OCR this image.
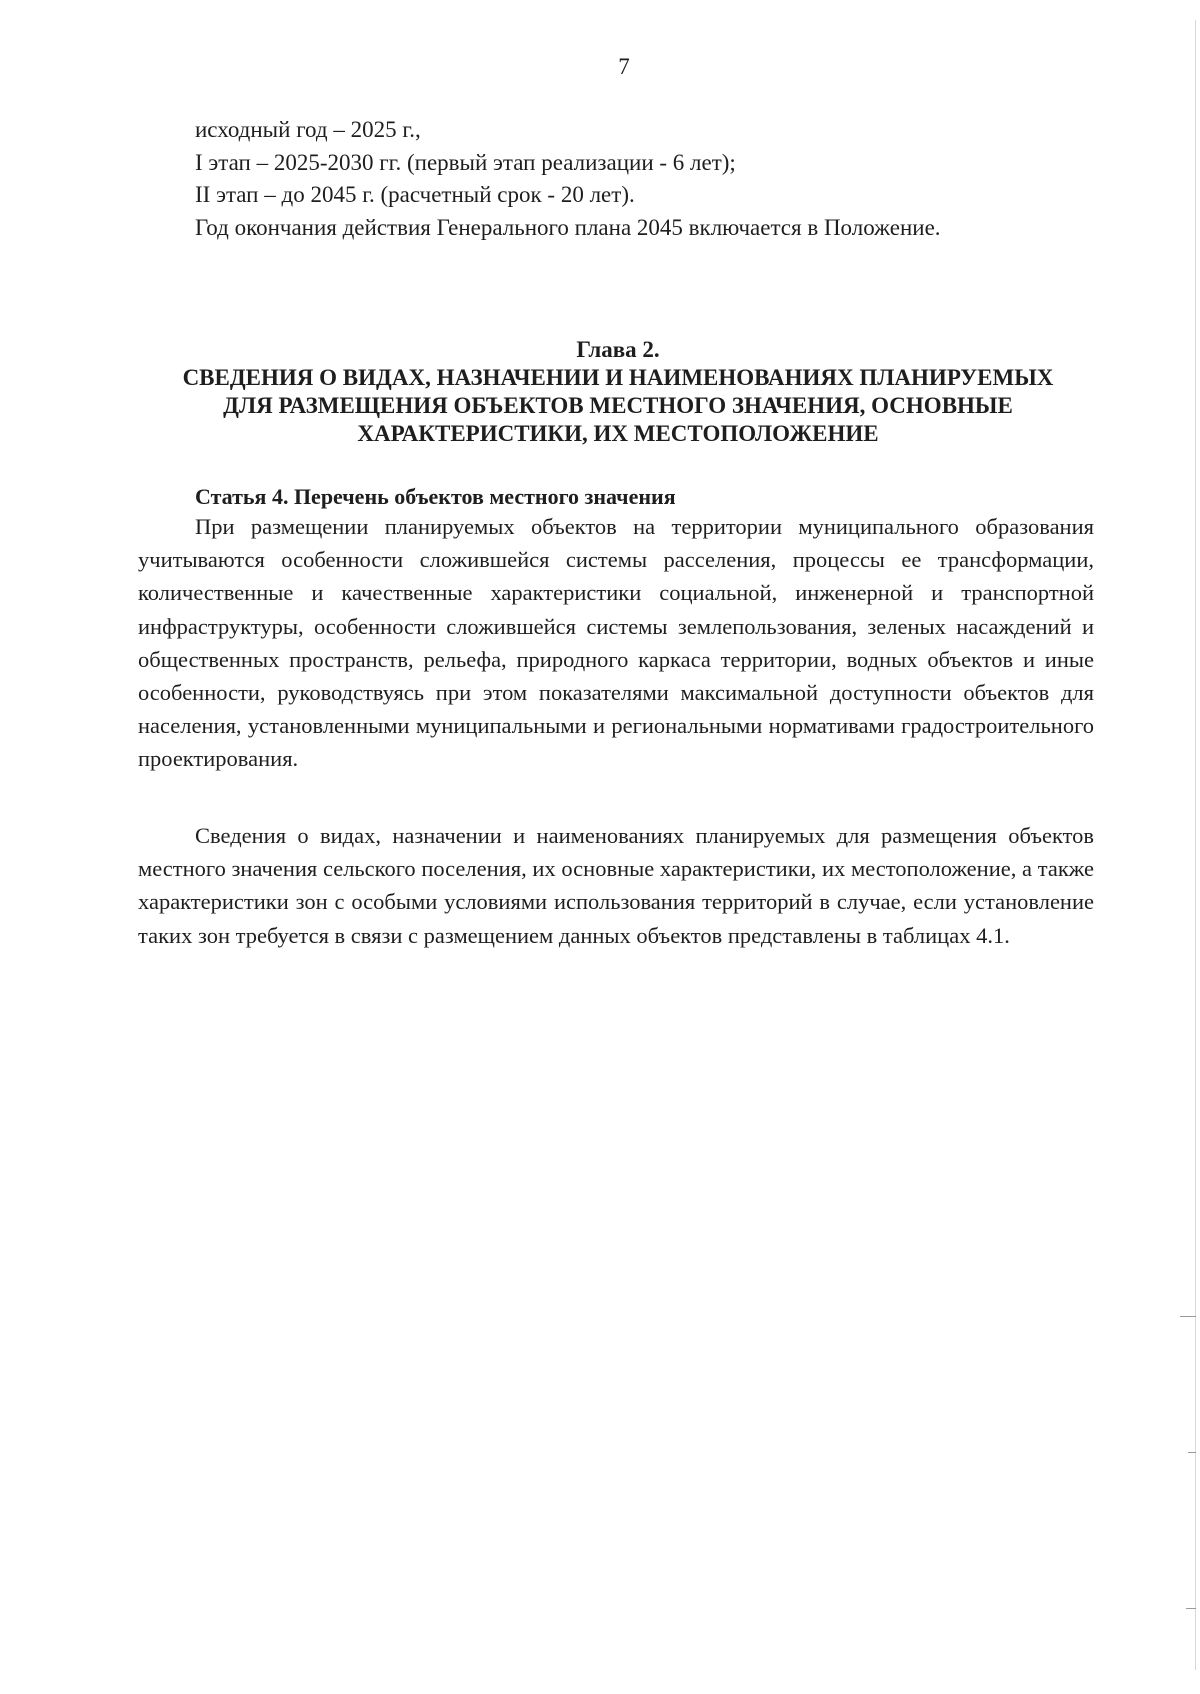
7
исходный год – 2025 г.,
I этап – 2025-2030 гг. (первый этап реализации - 6 лет);
II этап – до 2045 г. (расчетный срок - 20 лет).
Год окончания действия Генерального плана 2045 включается в Положение.
Глава 2.
СВЕДЕНИЯ О ВИДАХ, НАЗНАЧЕНИИ И НАИМЕНОВАНИЯХ ПЛАНИРУЕМЫХ
ДЛЯ РАЗМЕЩЕНИЯ ОБЪЕКТОВ МЕСТНОГО ЗНАЧЕНИЯ, ОСНОВНЫЕ
ХАРАКТЕРИСТИКИ, ИХ МЕСТОПОЛОЖЕНИЕ
Статья 4. Перечень объектов местного значения

При размещении планируемых объектов на территории муниципального образования учитываются особенности сложившейся системы расселения, процессы ее трансформации, количественные и качественные характеристики социальной, инженерной и транспортной инфраструктуры, особенности сложившейся системы землепользования, зеленых насаждений и общественных пространств, рельефа, природного каркаса территории, водных объектов и иные особенности, руководствуясь при этом показателями максимальной доступности объектов для населения, установленными муниципальными и региональными нормативами градостроительного проектирования.

Сведения о видах, назначении и наименованиях планируемых для размещения объектов местного значения сельского поселения, их основные характеристики, их местоположение, а также характеристики зон с особыми условиями использования территорий в случае, если установление таких зон требуется в связи с размещением данных объектов представлены в таблицах 4.1.
